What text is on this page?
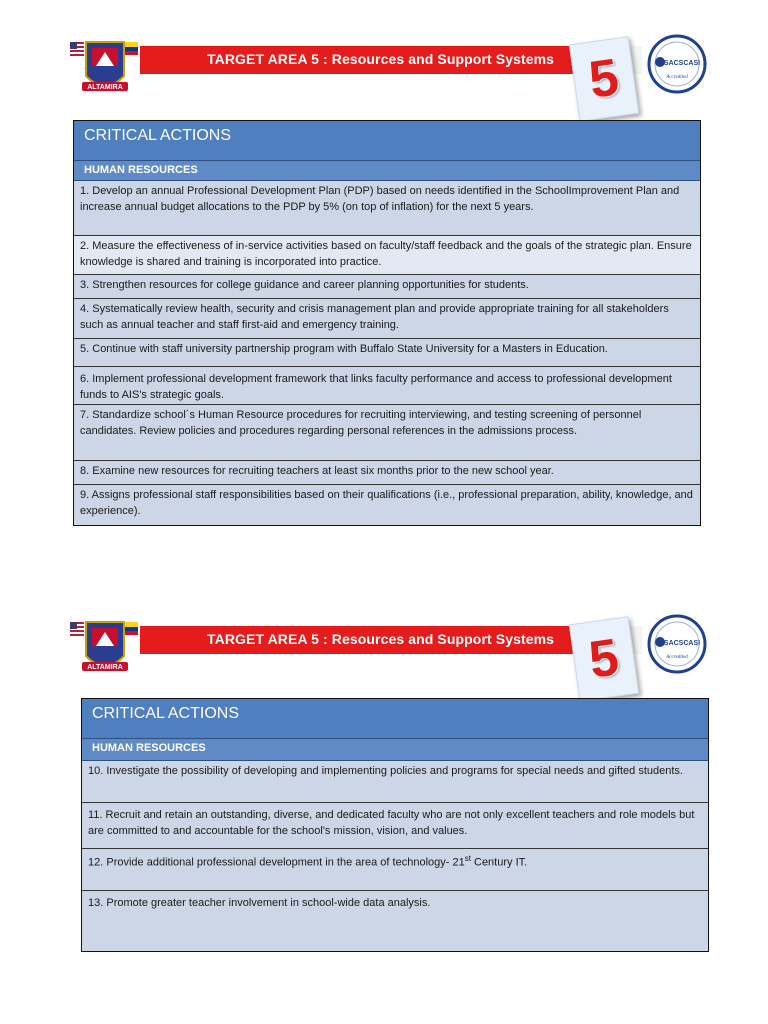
ALTAMIRA
TARGET AREA 5 : Resources and Support Systems 5	SACSCASI
Accredited
CRITICAL ACTIONS
HUMAN RESOURCES
1. Develop an annual Professional Development Plan (PDP) based on needs identified in the SchoolImprovement Plan and increase annual budget allocations to the PDP by 5% (on top of inflation) for the next 5 years.
2. Measure the effectiveness of in-service activities based on faculty/staff feedback and the goals of the strategic plan. Ensure knowledge is shared and training is incorporated into practice.
3. Strengthen resources for college guidance and career planning opportunities for students.
4. Systematically review health, security and crisis management plan and provide appropriate training for all stakeholders such as annual teacher and staff first-aid and emergency training.
5. Continue with staff university partnership program with Buffalo State University for a Masters in Education.
6. Implement professional development framework that links faculty performance and access to professional development funds to AIS's strategic goals.
7. Standardize school´s Human Resource procedures for recruiting interviewing, and testing screening of personnel candidates. Review policies and procedures regarding personal references in the admissions process.
8. Examine new resources for recruiting teachers at least six months prior to the new school year.
9. Assigns professional staff responsibilities based on their qualifications (i.e., professional preparation, ability, knowledge, and experience).
ALTAMIRA
TARGET AREA 5 : Resources and Support Systems 5	SACSCASI
Accredited
CRITICAL ACTIONS
HUMAN RESOURCES
10. Investigate the possibility of developing and implementing policies and programs for special needs and gifted students.
11. Recruit and retain an outstanding, diverse, and dedicated faculty who are not only excellent teachers and role models but are committed to and accountable for the school's mission, vision, and values.
12. Provide additional professional development in the area of technology- 21st Century IT.
13. Promote greater teacher involvement in school-wide data analysis.
